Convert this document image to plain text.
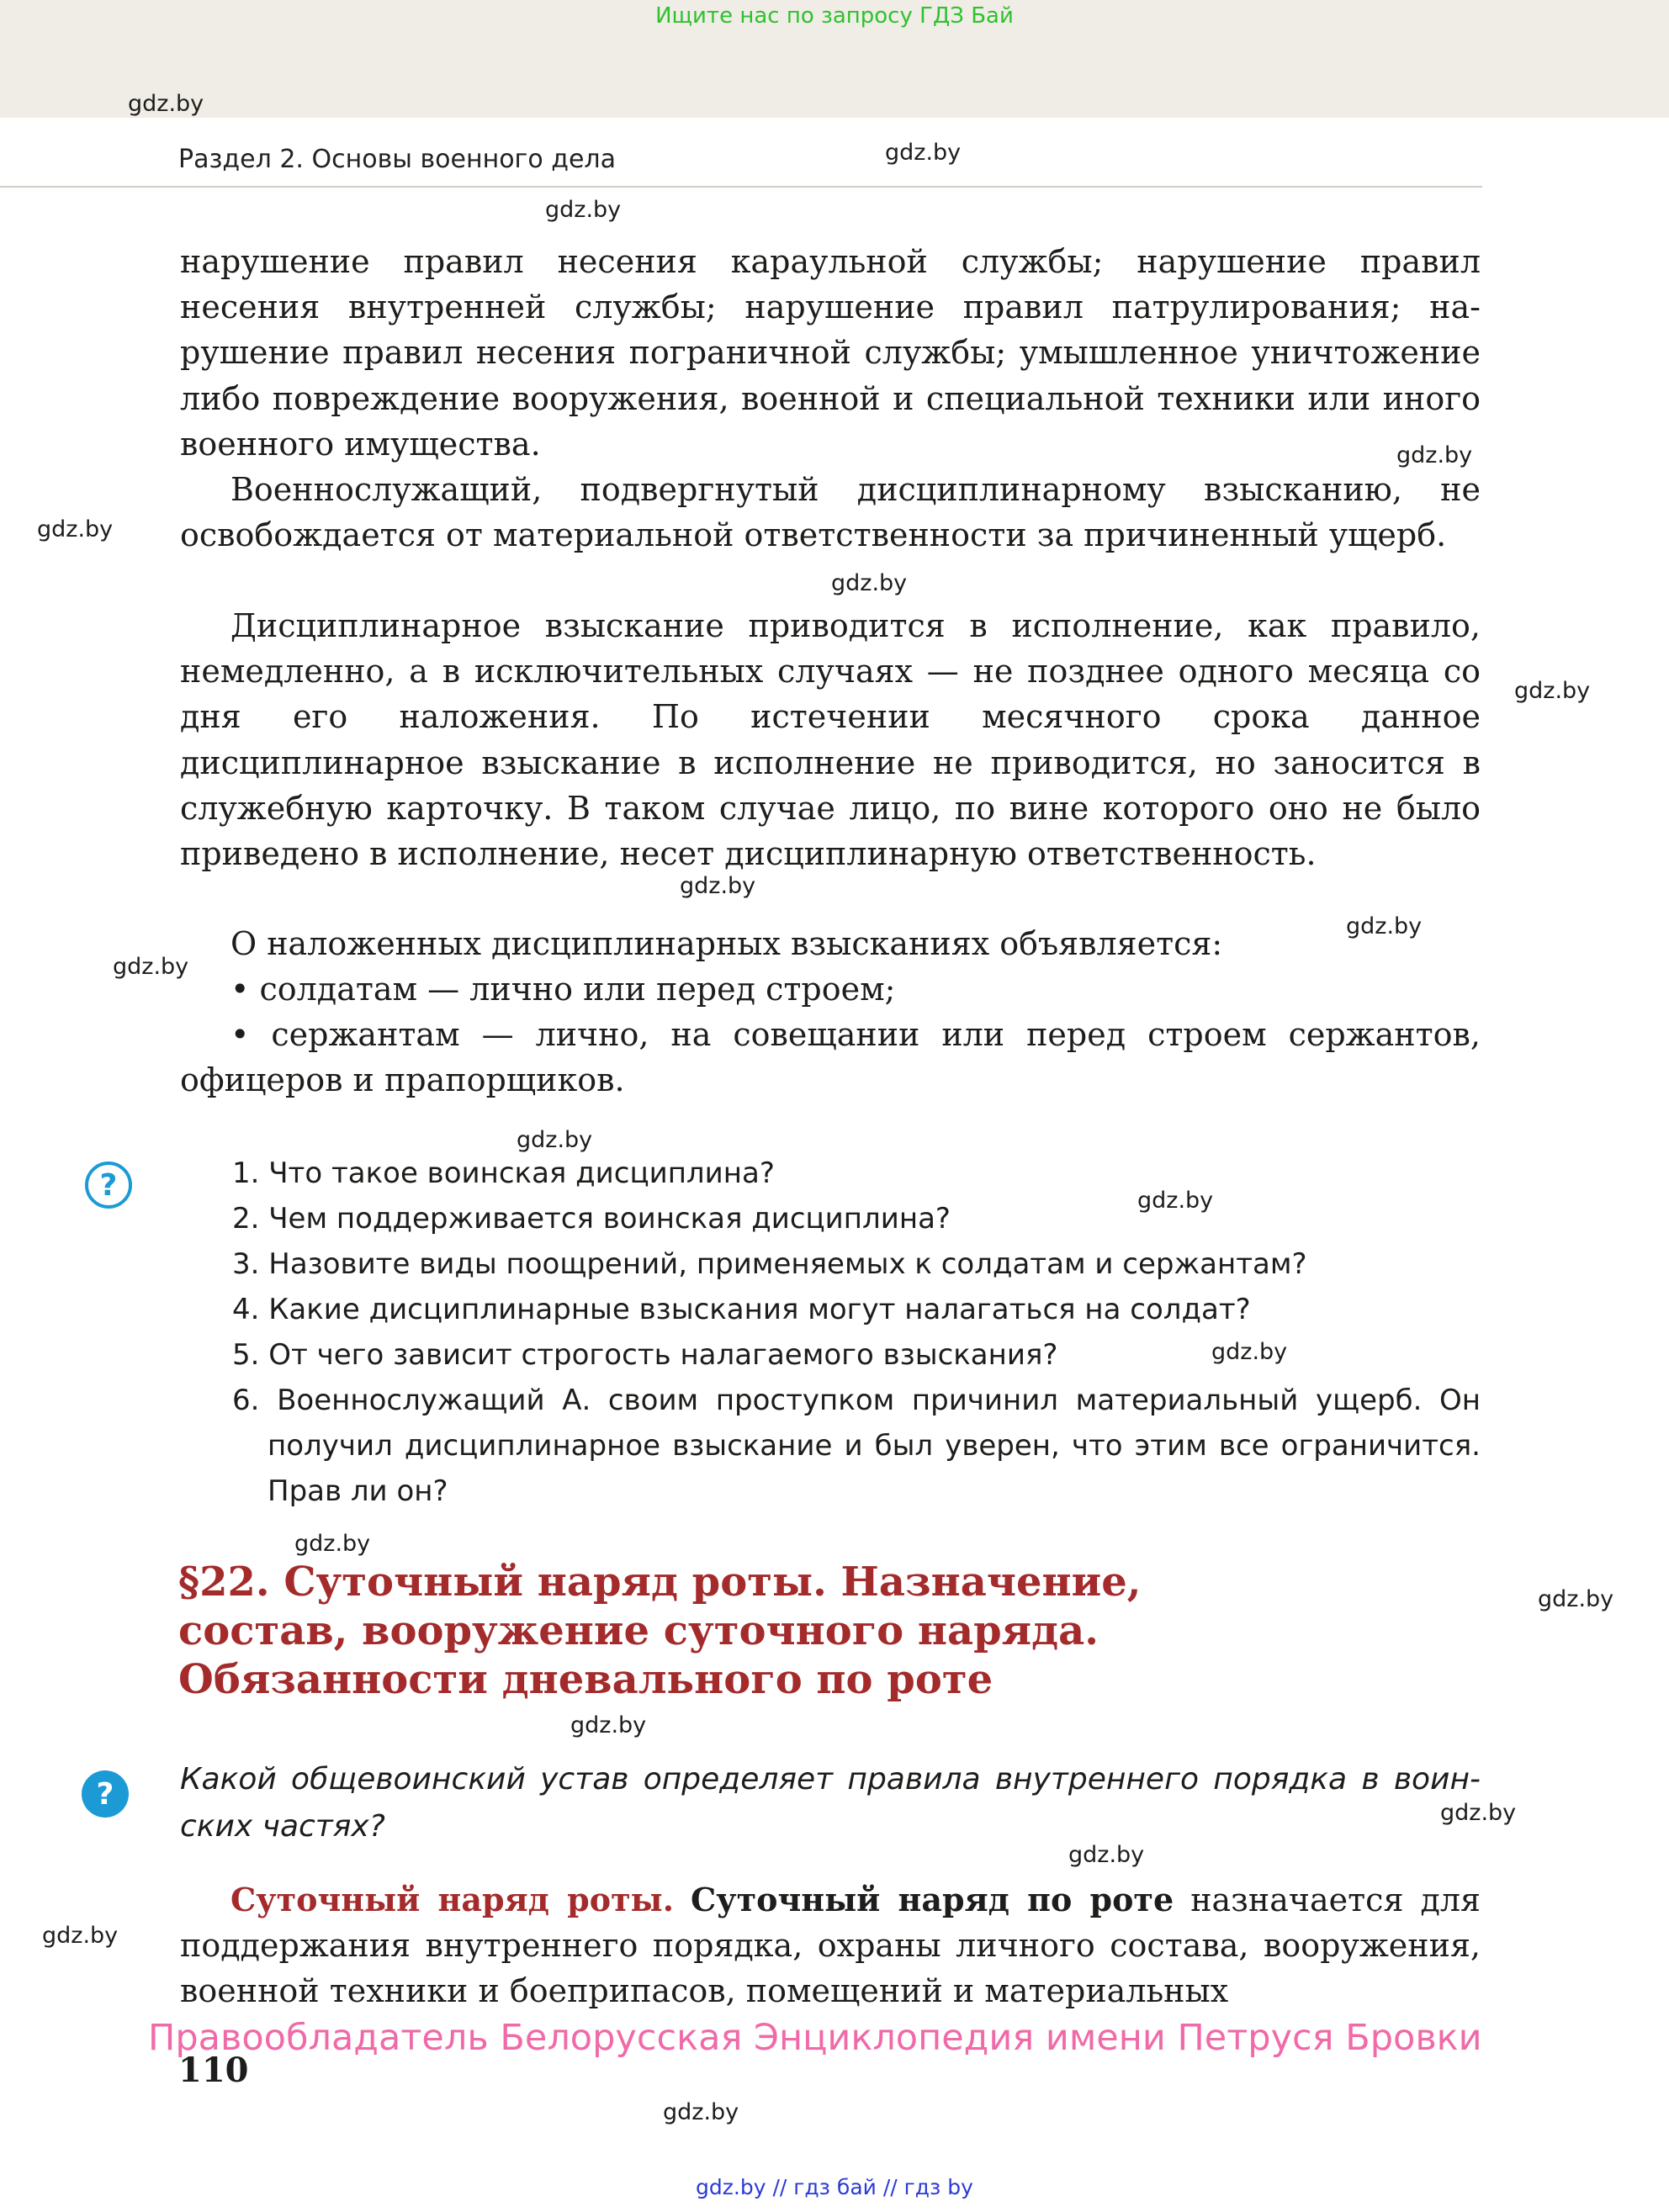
Ищите нас по запросу ГДЗ Бай
Раздел 2. Основы военного дела
gdz.by
gdz.by
gdz.by
gdz.by
gdz.by
gdz.by
gdz.by
gdz.by
gdz.by
gdz.by
gdz.by
gdz.by
gdz.by
gdz.by
gdz.by
gdz.by
gdz.by
gdz.by
gdz.by
gdz.by

нарушение правил несения караульной службы; нарушение правил несения внутренней службы; нарушение правил патрулирования; нарушение правил несения пограничной службы; умышленное уничтожение либо повреждение вооружения, военной и специальной техники или иного военного имущества.

Военнослужащий, подвергнутый дисциплинарному взысканию, не освобождается от материальной ответственности за причиненный ущерб.

Дисциплинарное взыскание приводится в исполнение, как правило, немедленно, а в исключительных случаях — не позднее одного месяца со дня его наложения. По истечении месячного срока данное дисциплинарное взыскание в исполнение не приводится, но заносится в служебную карточку. В таком случае лицо, по вине которого оно не было приведено в исполнение, несет дисциплинарную ответственность.

О наложенных дисциплинарных взысканиях объявляется:

• солдатам — лично или перед строем;

• сержантам — лично, на совещании или перед строем сержантов, офицеров и прапорщиков.

?	1. Что такое воинская дисциплина?
2. Чем поддерживается воинская дисциплина?
3. Назовите виды поощрений, применяемых к солдатам и сержантам?
4. Какие дисциплинарные взыскания могут налагаться на солдат?
5. От чего зависит строгость налагаемого взыскания?
6. Военнослужащий А. своим проступком причинил материальный ущерб. Он получил дисциплинарное взыскание и был уверен, что этим все ограничится. Прав ли он?
§22. Суточный наряд роты. Назначение,
состав, вооружение суточного наряда.
Обязанности дневального по роте
? Какой общевоинский устав определяет правила внутреннего порядка в воинских частях?

Суточный наряд роты. Суточный наряд по роте назначается для поддержания внутреннего порядка, охраны личного состава, вооружения, военной техники и боеприпасов, помещений и материальных

Правообладатель Белорусская Энциклопедия имени Петруся Бровки
110
gdz.by // гдз бай // гдз by
